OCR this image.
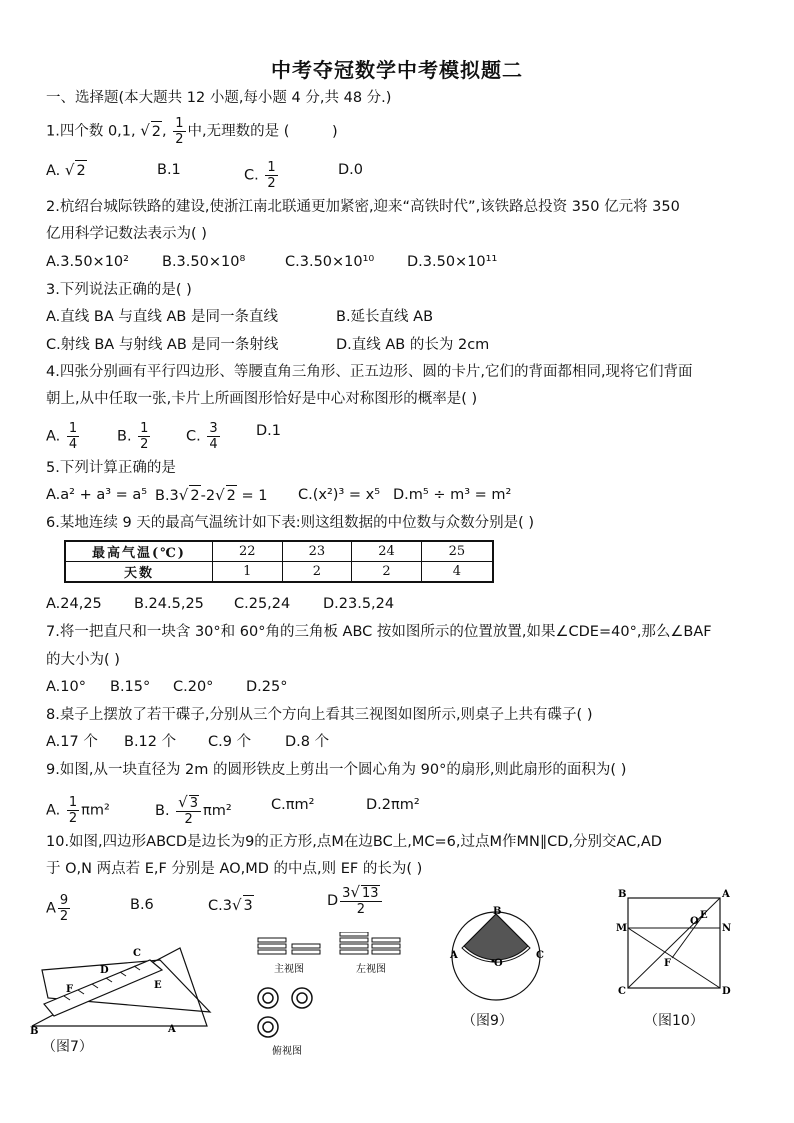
中考夺冠数学中考模拟题二
一、选择题(本大题共 12 小题,每小题 4 分,共 48 分.)
1.四个数 0,1, √ 2, $\frac{1}{2}$ 中,无理数的是 (	)
A. √ 2	B.1	C. $\frac{1}{2}$	D.0
2.杭绍台城际铁路的建设,使浙江南北联通更加紧密,迎来“高铁时代”,该铁路总投资 350 亿元将 350
亿用科学记数法表示为( )
A.3.50×10² B.3.50×10⁸	C.3.50×10¹⁰ D.3.50×10¹¹
3.下列说法正确的是( )
A.直线 BA 与直线 AB 是同一条直线	B.延长直线 AB
C.射线 BA 与射线 AB 是同一条射线	D.直线 AB 的长为 2cm
4.四张分别画有平行四边形、等腰直角三角形、正五边形、圆的卡片,它们的背面都相同,现将它们背面
朝上,从中任取一张,卡片上所画图形恰好是中心对称图形的概率是( )
A. $\frac{1}{4}$	B. $\frac{1}{2} C$. $\frac{3}{4}$	D.1
5.下列计算正确的是
A.a² + a³ = a⁵ B.3√ 2-2√ 2 = 1 C.(x²)³ = x⁵ D.m⁵ ÷ m³ = m²
6.某地连续 9 天的最高气温统计如下表:则这组数据的中位数与众数分别是( )
最高气温(℃)	22	23	24	25
天数	1	2	2	4
A.24,25 B.24.5,25 C.25,24 D.23.5,24
7.将一把直尺和一块含 30°和 60°角的三角板 ABC 按如图所示的位置放置,如果∠CDE=40°,那么∠BAF
的大小为( )
A.10° B.15° C.20° D.25°
8.桌子上摆放了若干碟子,分别从三个方向上看其三视图如图所示,则桌子上共有碟子( )
A.17 个 B.12 个 C.9 个 D.8 个
9.如图,从一块直径为 2m 的圆形铁皮上剪出一个圆心角为 90°的扇形,则此扇形的面积为( )
A. $\frac{1}{2} \pi m^2$	B. $\frac{√ 3}{2} \pi m^2$	C.πm²	D.2πm²
10.如图,四边形ABCD是边长为9的正方形,点M在边BC上,MC=6,过点M作MN∥CD,分别交AC,AD
于 O,N 两点若 E,F 分别是 AO,MD 的中点,则 EF 的长为( )
A $\frac{9}{2}$	B.6	C.3√ 3	D $\frac{3√ 13}{2}$
C
D
E
F
B	A
（图7）
主视图	左视图
俯视图
B
A	C
O
（图9）
B	A
M	N
C	D
O
E
F
（图10）
